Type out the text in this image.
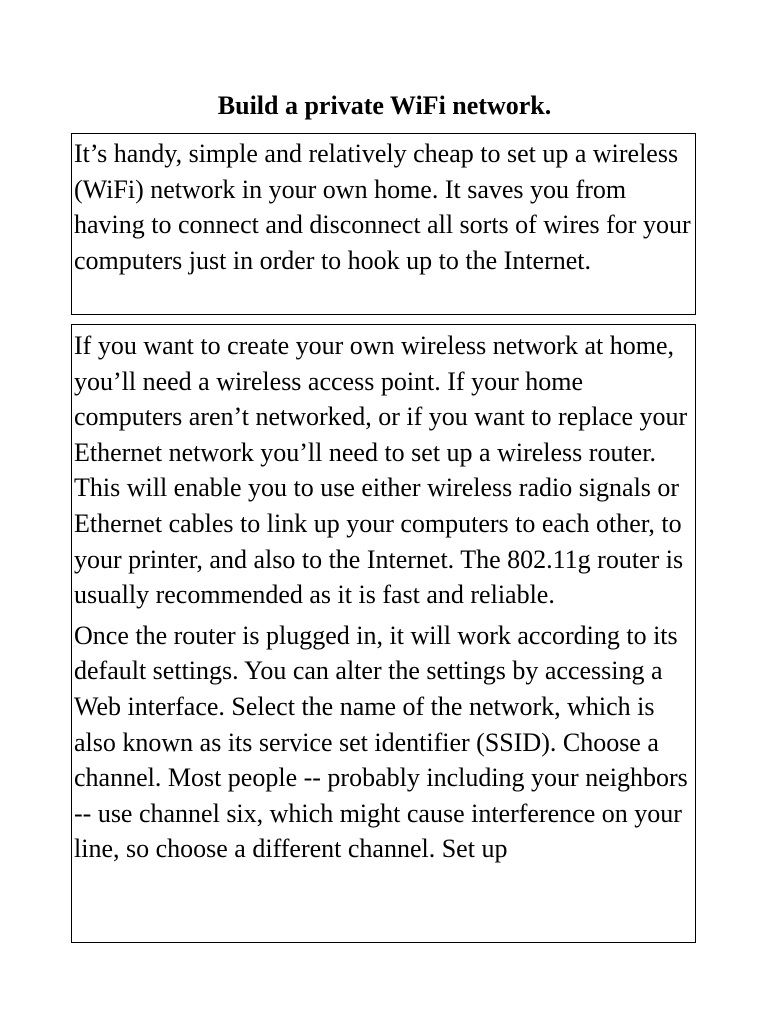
Build a private WiFi network.

It’s handy, simple and relatively cheap to set up a wireless (WiFi) network in your own home. It saves you from having to connect and disconnect all sorts of wires for your computers just in order to hook up to the Internet.

If you want to create your own wireless network at home, you’ll need a wireless access point. If your home computers aren’t networked, or if you want to replace your Ethernet network you’ll need to set up a wireless router. This will enable you to use either wireless radio signals or Ethernet cables to link up your computers to each other, to your printer, and also to the Internet. The 802.11g router is usually recommended as it is fast and reliable.

Once the router is plugged in, it will work according to its default settings. You can alter the settings by accessing a Web interface. Select the name of the network, which is also known as its service set identifier (SSID). Choose a channel. Most people -- probably including your neighbors -- use channel six, which might cause interference on your line, so choose a different channel. Set up
